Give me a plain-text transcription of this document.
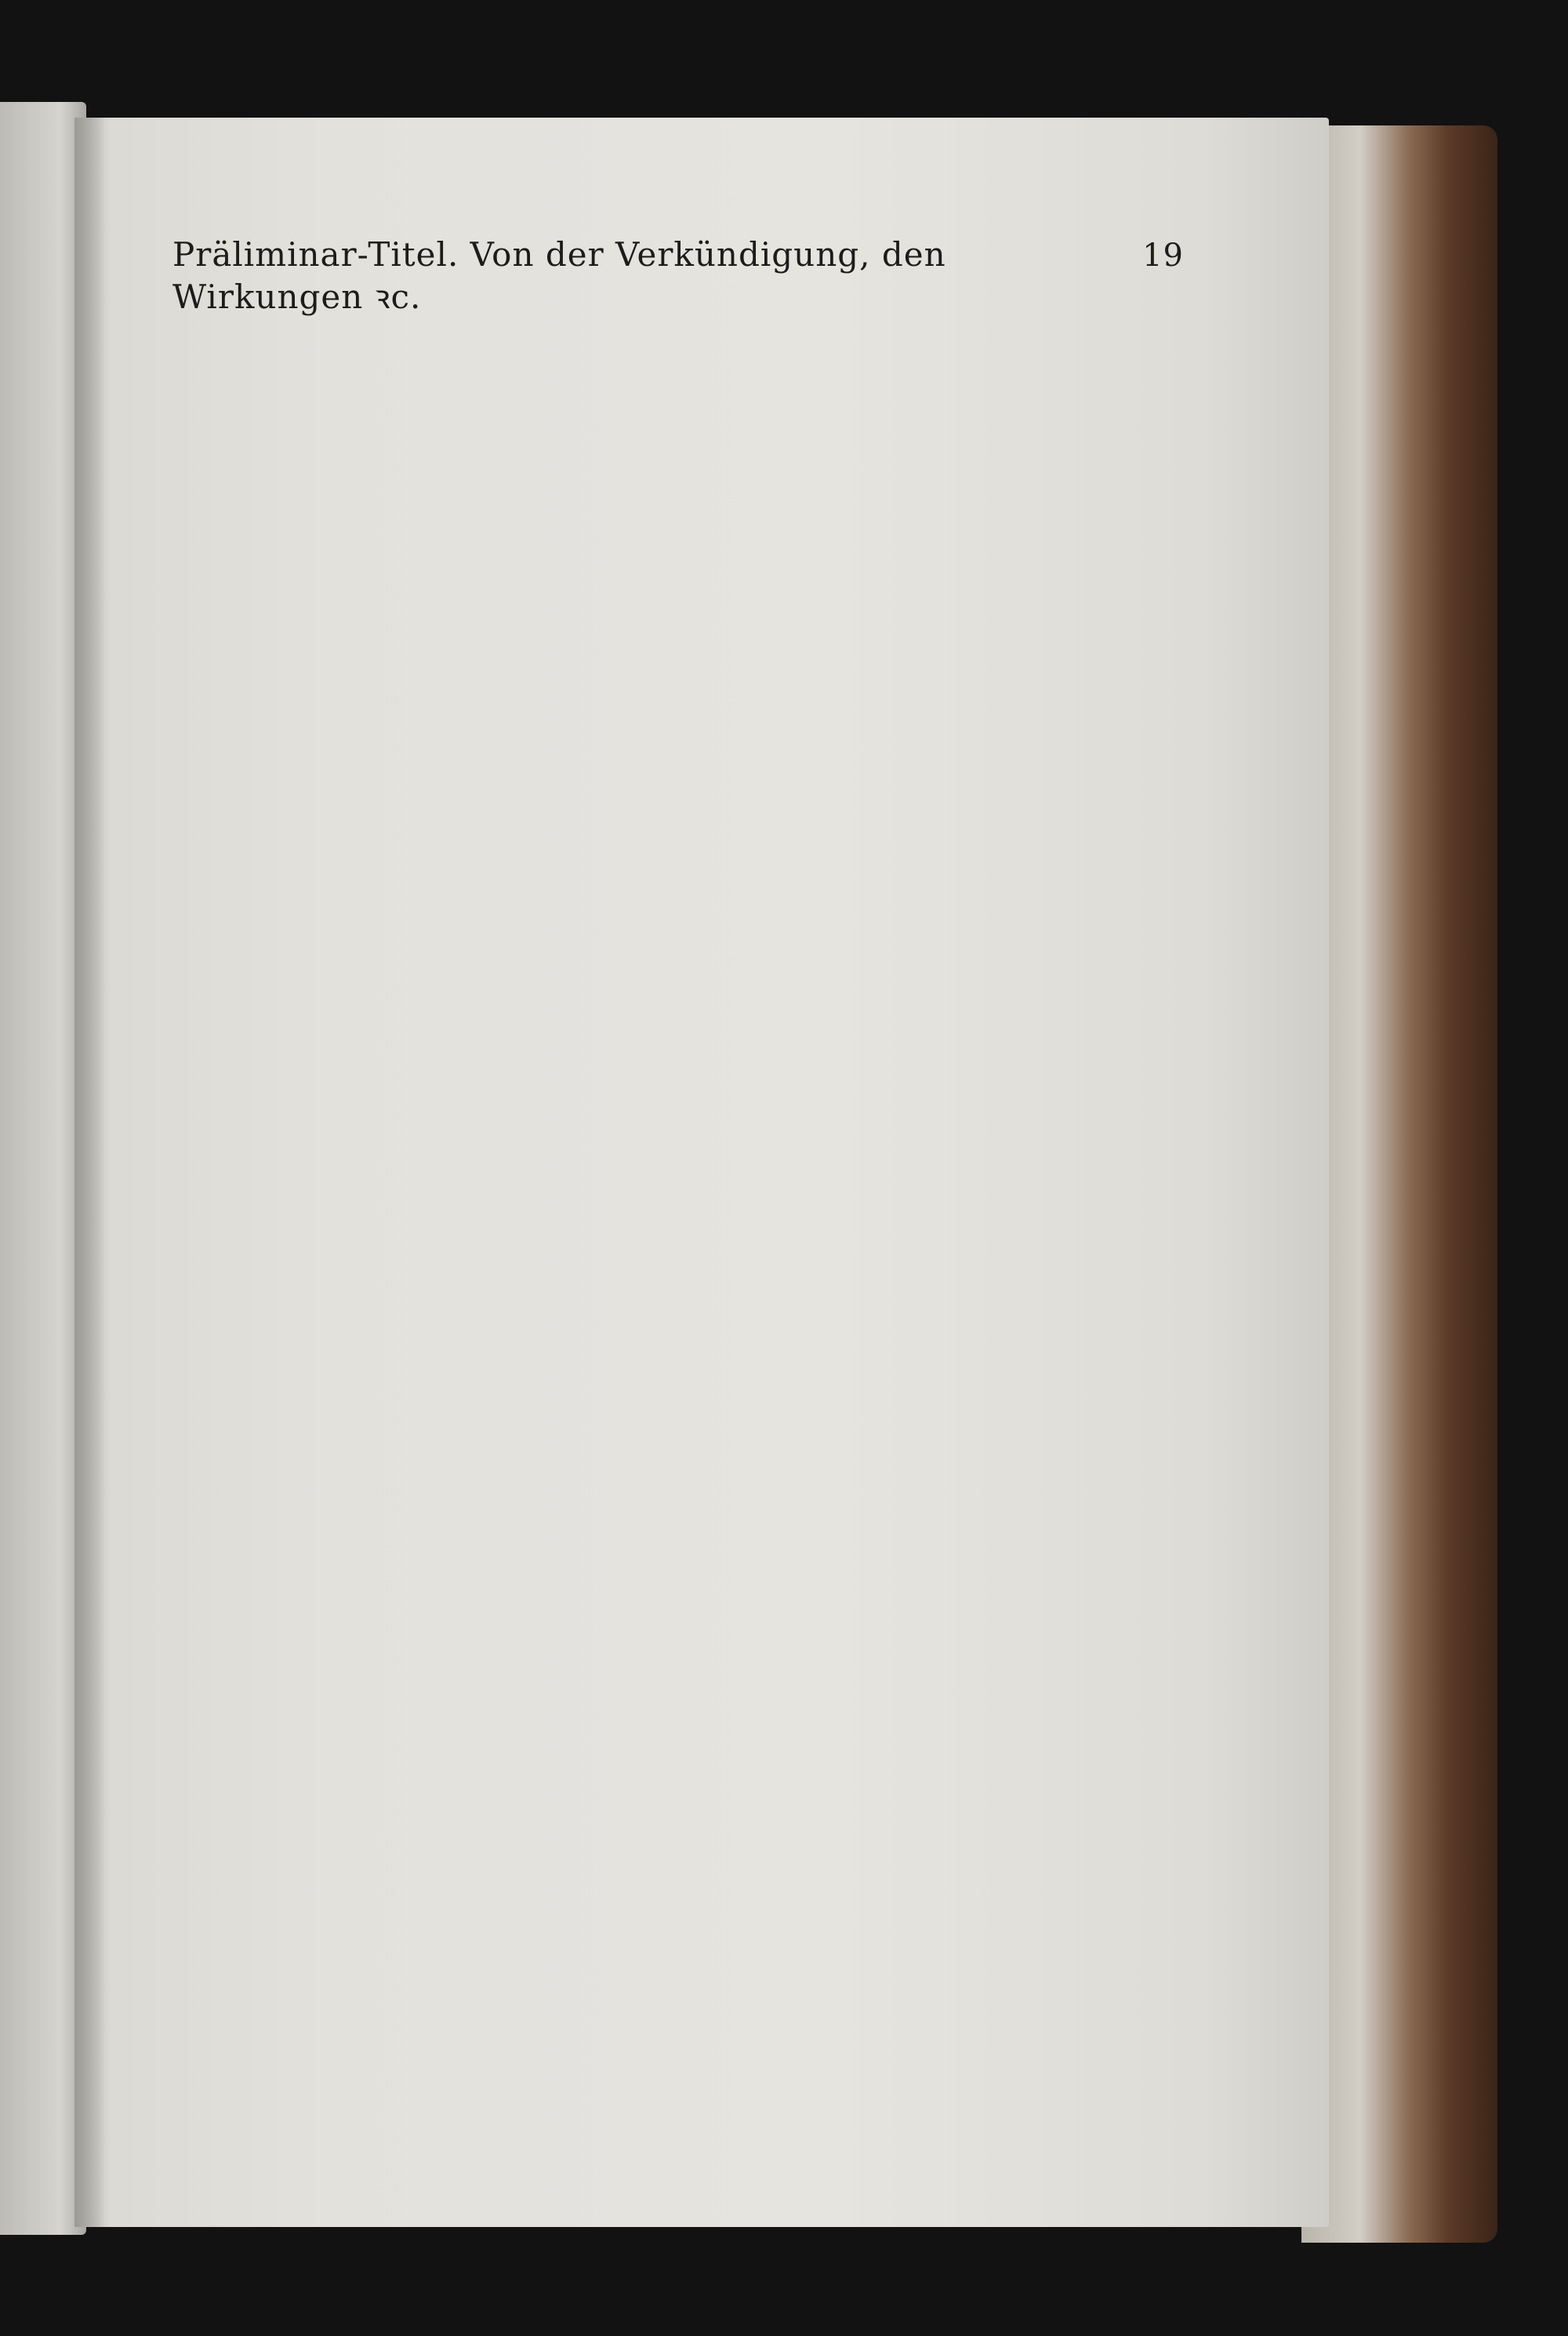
Präliminar-Titel. Von der Verkündigung, den Wirkungen ꝛc.
19
